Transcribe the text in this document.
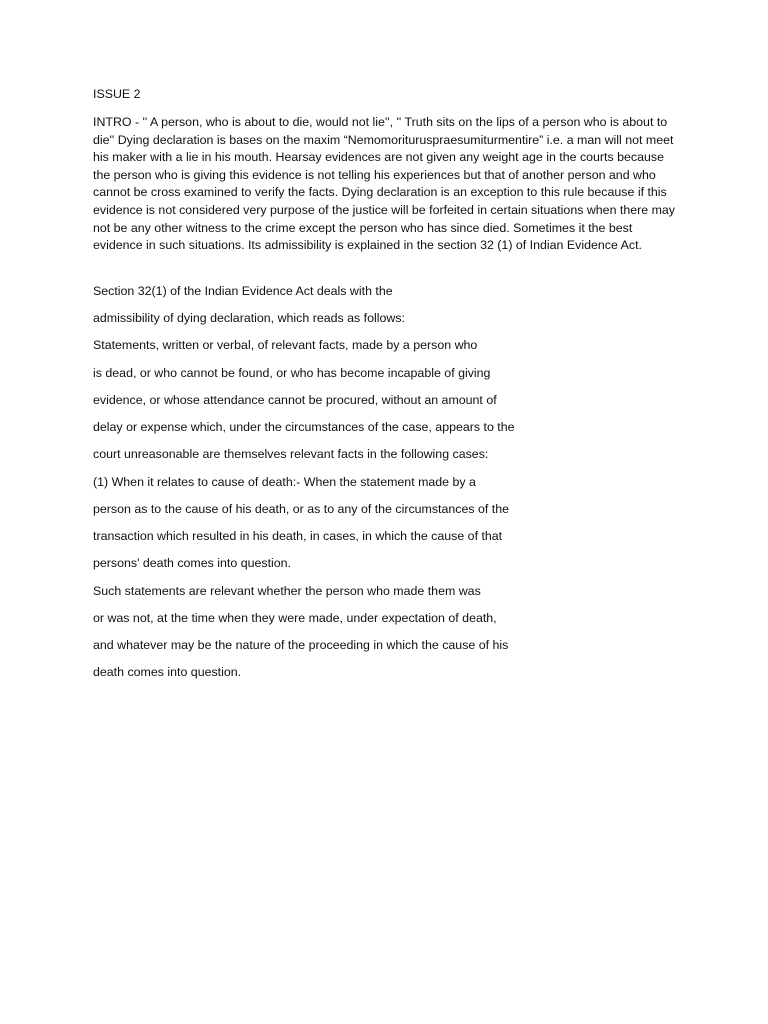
ISSUE 2

INTRO - '' A person, who is about to die, would not lie'', '' Truth sits on the lips of a person who is about to die'' Dying declaration is bases on the maxim “Nemomorituruspraesumiturmentire” i.e. a man will not meet his maker with a lie in his mouth. Hearsay evidences are not given any weight age in the courts because the person who is giving this evidence is not telling his experiences but that of another person and who cannot be cross examined to verify the facts. Dying declaration is an exception to this rule because if this evidence is not considered very purpose of the justice will be forfeited in certain situations when there may not be any other witness to the crime except the person who has since died. Sometimes it the best evidence in such situations. Its admissibility is explained in the section 32 (1) of Indian Evidence Act.
Section 32(1) of the Indian Evidence Act deals with the
admissibility of dying declaration, which reads as follows:
Statements, written or verbal, of relevant facts, made by a person who
is dead, or who cannot be found, or who has become incapable of giving
evidence, or whose attendance cannot be procured, without an amount of
delay or expense which, under the circumstances of the case, appears to the
court unreasonable are themselves relevant facts in the following cases:
(1) When it relates to cause of death:- When the statement made by a
person as to the cause of his death, or as to any of the circumstances of the
transaction which resulted in his death, in cases, in which the cause of that
persons' death comes into question.
Such statements are relevant whether the person who made them was
or was not, at the time when they were made, under expectation of death,
and whatever may be the nature of the proceeding in which the cause of his
death comes into question.
